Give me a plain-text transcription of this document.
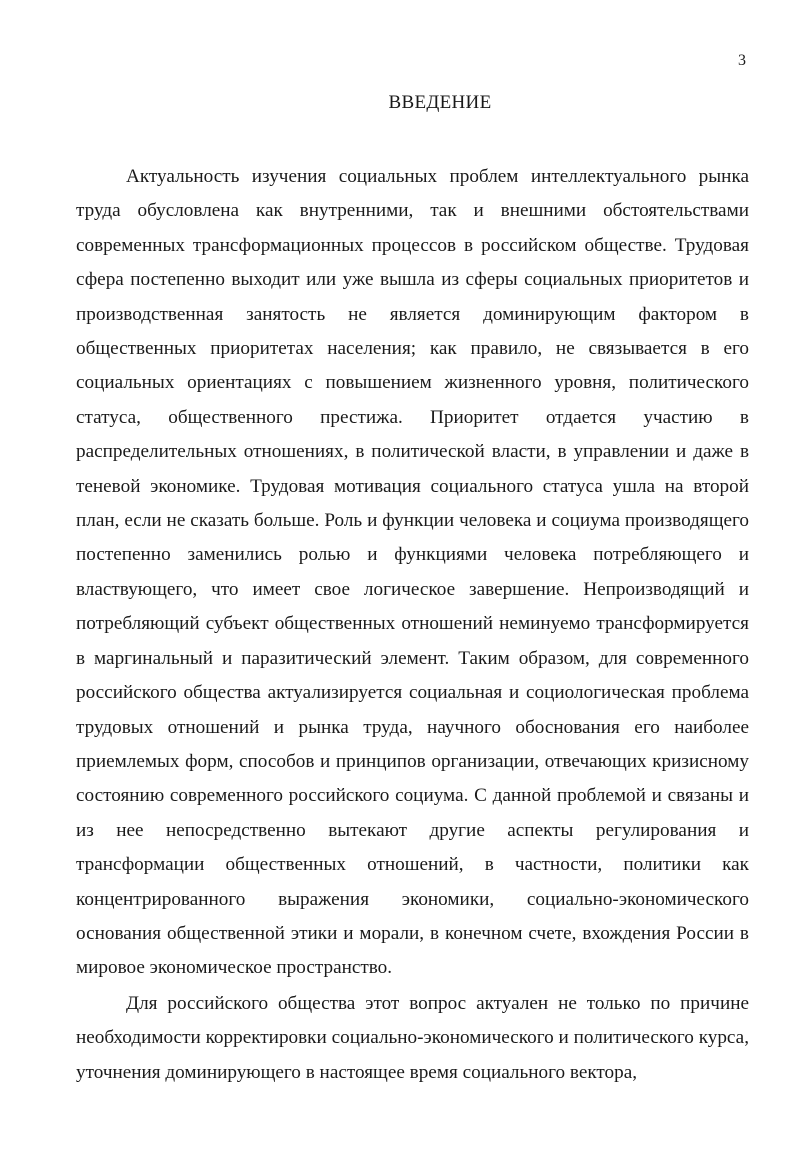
3
ВВЕДЕНИЕ

Актуальность изучения социальных проблем интеллектуального рынка труда обусловлена как внутренними, так и внешними обстоятельствами современных трансформационных процессов в российском обществе. Трудовая сфера постепенно выходит или уже вышла из сферы социальных приоритетов и производственная занятость не является доминирующим фактором в общественных приоритетах населения; как правило, не связывается в его социальных ориентациях с повышением жизненного уровня, политического статуса, общественного престижа. Приоритет отдается участию в распределительных отношениях, в политической власти, в управлении и даже в теневой экономике. Трудовая мотивация социального статуса ушла на второй план, если не сказать больше. Роль и функции человека и социума производящего постепенно заменились ролью и функциями человека потребляющего и властвующего, что имеет свое логическое завершение. Непроизводящий и потребляющий субъект общественных отношений неминуемо трансформируется в маргинальный и паразитический элемент. Таким образом, для современного российского общества актуализируется социальная и социологическая проблема трудовых отношений и рынка труда, научного обоснования его наиболее приемлемых форм, способов и принципов организации, отвечающих кризисному состоянию современного российского социума. С данной проблемой и связаны и из нее непосредственно вытекают другие аспекты регулирования и трансформации общественных отношений, в частности, политики как концентрированного выражения экономики, социально-экономического основания общественной этики и морали, в конечном счете, вхождения России в мировое экономическое пространство.

Для российского общества этот вопрос актуален не только по причине необходимости корректировки социально-экономического и политического курса, уточнения доминирующего в настоящее время социального вектора,
